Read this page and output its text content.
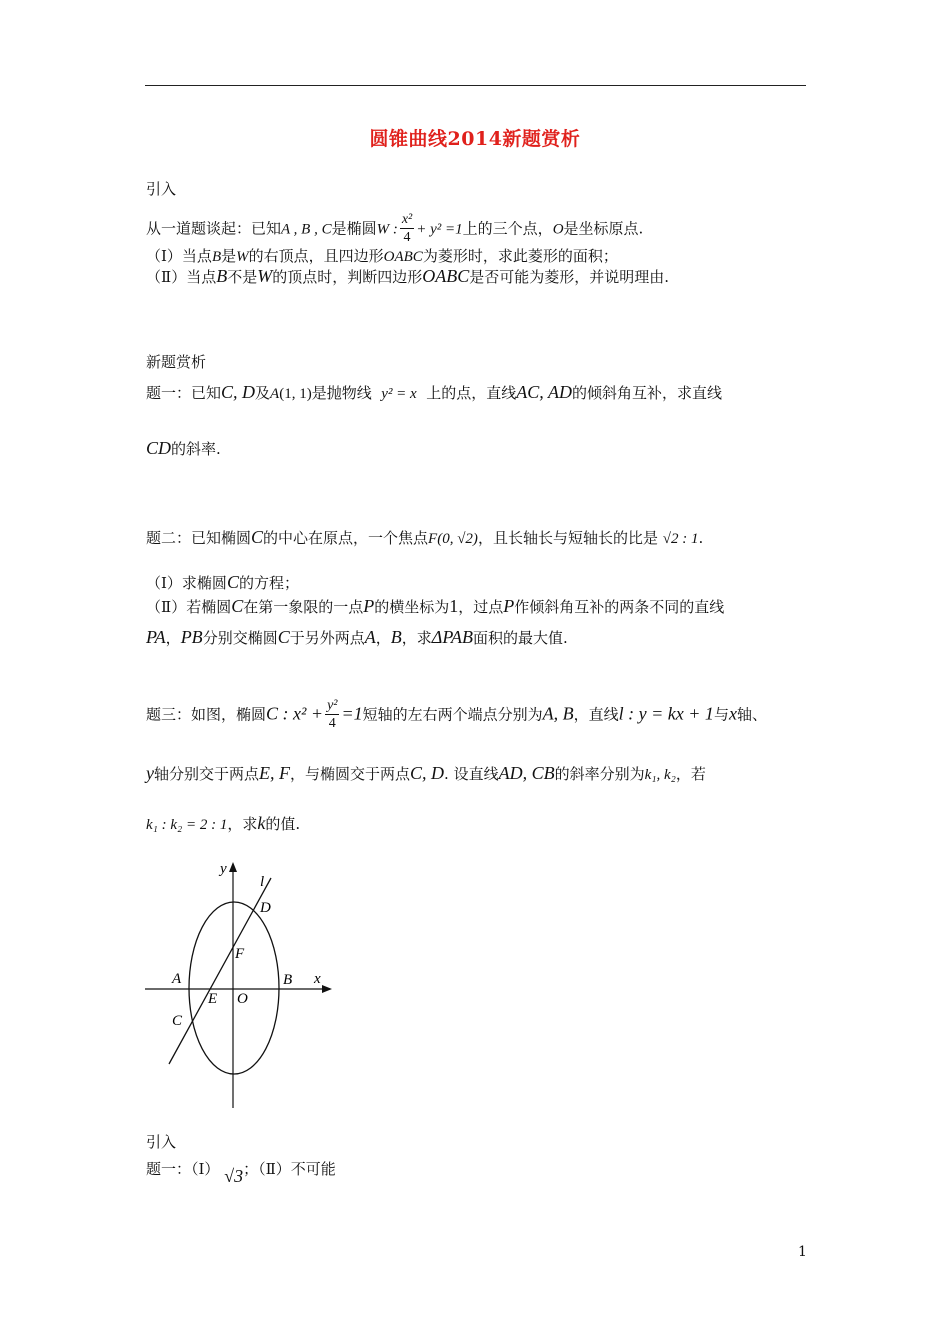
圆锥曲线2014新题赏析
引入
从一道题谈起：已知A , B , C是椭圆W : $\frac{\text{x²}}{4} + y^2 =1$上的三个点，O是坐标原点.
（Ⅰ）当点B是W的右顶点，且四边形OABC为菱形时，求此菱形的面积；
（Ⅱ）当点B不是W的顶点时，判断四边形OABC是否可能为菱形，并说明理由.
新题赏析
题一：已知C, D及A(1, 1)是抛物线 y² = x 上的点，直线AC, AD的倾斜角互补，求直线
CD的斜率.
题二：已知椭圆C的中心在原点，一个焦点F(0, √2)，且长轴长与短轴长的比是 √2 : 1.
（Ⅰ）求椭圆C的方程；
（Ⅱ）若椭圆C在第一象限的一点P的横坐标为1，过点P作倾斜角互补的两条不同的直线
PA，PB分别交椭圆C于另外两点A，B，求ΔPAB面积的最大值.
题三：如图，椭圆C : $x^2 + \frac{\text{y²}}{4} =1$短轴的左右两个端点分别为A, B，直线l : y = kx + 1与x轴、
y轴分别交于两点E, F，与椭圆交于两点C, D. 设直线AD, CB的斜率分别为k₁, k₂，若
k₁ : k₂ = 2 : 1，求k的值.
y
x
l
D
F
A	B
E O
C
引入
题一：（Ⅰ） √3；（Ⅱ）不可能
1
